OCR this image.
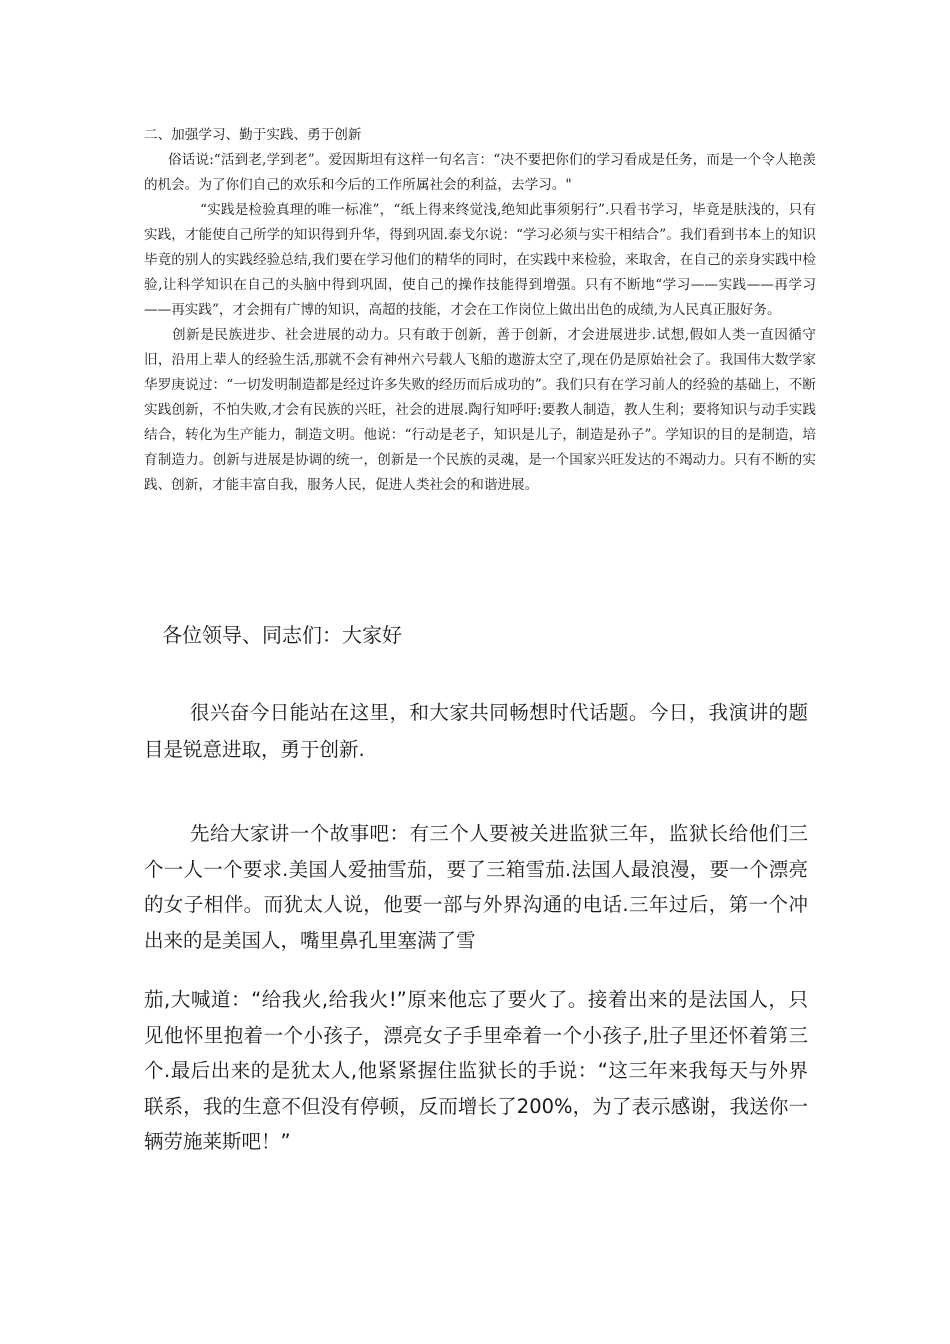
二、加强学习、勤于实践、勇于创新

俗话说:“活到老,学到老”。爱因斯坦有这样一句名言：“决不要把你们的学习看成是任务，而是一个令人艳羡的机会。为了你们自己的欢乐和今后的工作所属社会的利益，去学习。"

“实践是检验真理的唯一标准”，“纸上得来终觉浅,绝知此事须躬行”.只看书学习，毕竟是肤浅的，只有实践，才能使自己所学的知识得到升华，得到巩固.泰戈尔说：“学习必须与实干相结合”。我们看到书本上的知识毕竟的别人的实践经验总结,我们要在学习他们的精华的同时，在实践中来检验，来取舍，在自己的亲身实践中检验,让科学知识在自己的头脑中得到巩固，使自己的操作技能得到增强。只有不断地“学习——实践——再学习——再实践”，才会拥有广博的知识，高超的技能，才会在工作岗位上做出出色的成绩,为人民真正服好务。

创新是民族进步、社会进展的动力。只有敢于创新，善于创新，才会进展进步.试想,假如人类一直因循守旧，沿用上辈人的经验生活,那就不会有神州六号载人飞船的遨游太空了,现在仍是原始社会了。我国伟大数学家华罗庚说过：“一切发明制造都是经过许多失败的经历而后成功的”。我们只有在学习前人的经验的基础上，不断实践创新，不怕失败,才会有民族的兴旺，社会的进展.陶行知呼吁:要教人制造，教人生利；要将知识与动手实践结合，转化为生产能力，制造文明。他说：“行动是老子，知识是儿子，制造是孙子”。学知识的目的是制造，培育制造力。创新与进展是协调的统一，创新是一个民族的灵魂，是一个国家兴旺发达的不竭动力。只有不断的实践、创新，才能丰富自我，服务人民，促进人类社会的和谐进展。

各位领导、同志们：大家好

很兴奋今日能站在这里，和大家共同畅想时代话题。今日，我演讲的题目是锐意进取，勇于创新.

先给大家讲一个故事吧：有三个人要被关进监狱三年，监狱长给他们三个一人一个要求.美国人爱抽雪茄，要了三箱雪茄.法国人最浪漫，要一个漂亮的女子相伴。而犹太人说，他要一部与外界沟通的电话.三年过后，第一个冲出来的是美国人，嘴里鼻孔里塞满了雪

茄,大喊道：“给我火,给我火!”原来他忘了要火了。接着出来的是法国人，只见他怀里抱着一个小孩子，漂亮女子手里牵着一个小孩子,肚子里还怀着第三个.最后出来的是犹太人,他紧紧握住监狱长的手说：“这三年来我每天与外界联系，我的生意不但没有停顿，反而增长了200%，为了表示感谢，我送你一辆劳施莱斯吧！”
